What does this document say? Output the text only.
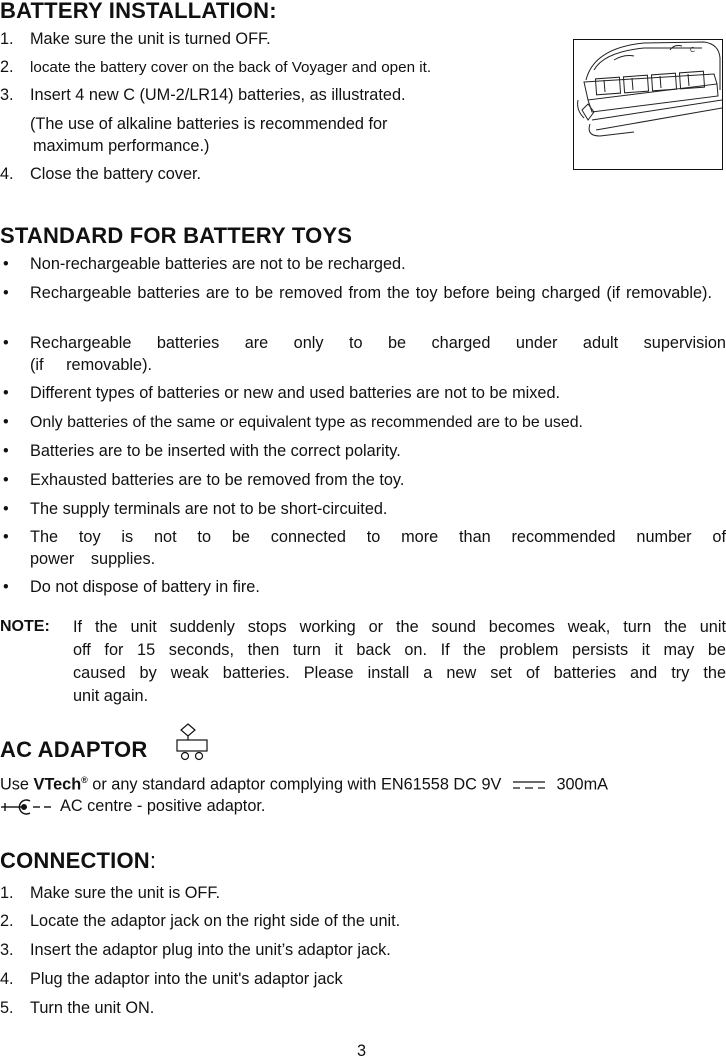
BATTERY INSTALLATION:
1. Make sure the unit is turned OFF.
2. locate the battery cover on the back of Voyager and open it.
3. Insert 4 new C (UM-2/LR14) batteries, as illustrated.
(The use of alkaline batteries is recommended for
maximum performance.)
4. Close the battery cover.
C
STANDARD FOR BATTERY TOYS
• Non-rechargeable batteries are not to be recharged.
• Rechargeable batteries are to be removed from the toy before being charged (if removable).
• Rechargeable batteries are only to be charged under adult supervision (if removable).
• Different types of batteries or new and used batteries are not to be mixed.
• Only batteries of the same or equivalent type as recommended are to be used.
• Batteries are to be inserted with the correct polarity.
• Exhausted batteries are to be removed from the toy.
• The supply terminals are not to be short-circuited.
• The toy is not to be connected to more than recommended number of power supplies.
• Do not dispose of battery in fire.
NOTE: If the unit suddenly stops working or the sound becomes weak, turn the unit
off for 15 seconds, then turn it back on. If the problem persists it may be
caused by weak batteries. Please install a new set of batteries and try the
unit again.
AC ADAPTOR
Use VTech® or any standard adaptor complying with EN61558 DC 9V	300mA
AC centre - positive adaptor.
CONNECTION:
1. Make sure the unit is OFF.
2. Locate the adaptor jack on the right side of the unit.
3. Insert the adaptor plug into the unit’s adaptor jack.
4. Plug the adaptor into the unit's adaptor jack
5. Turn the unit ON.
3
